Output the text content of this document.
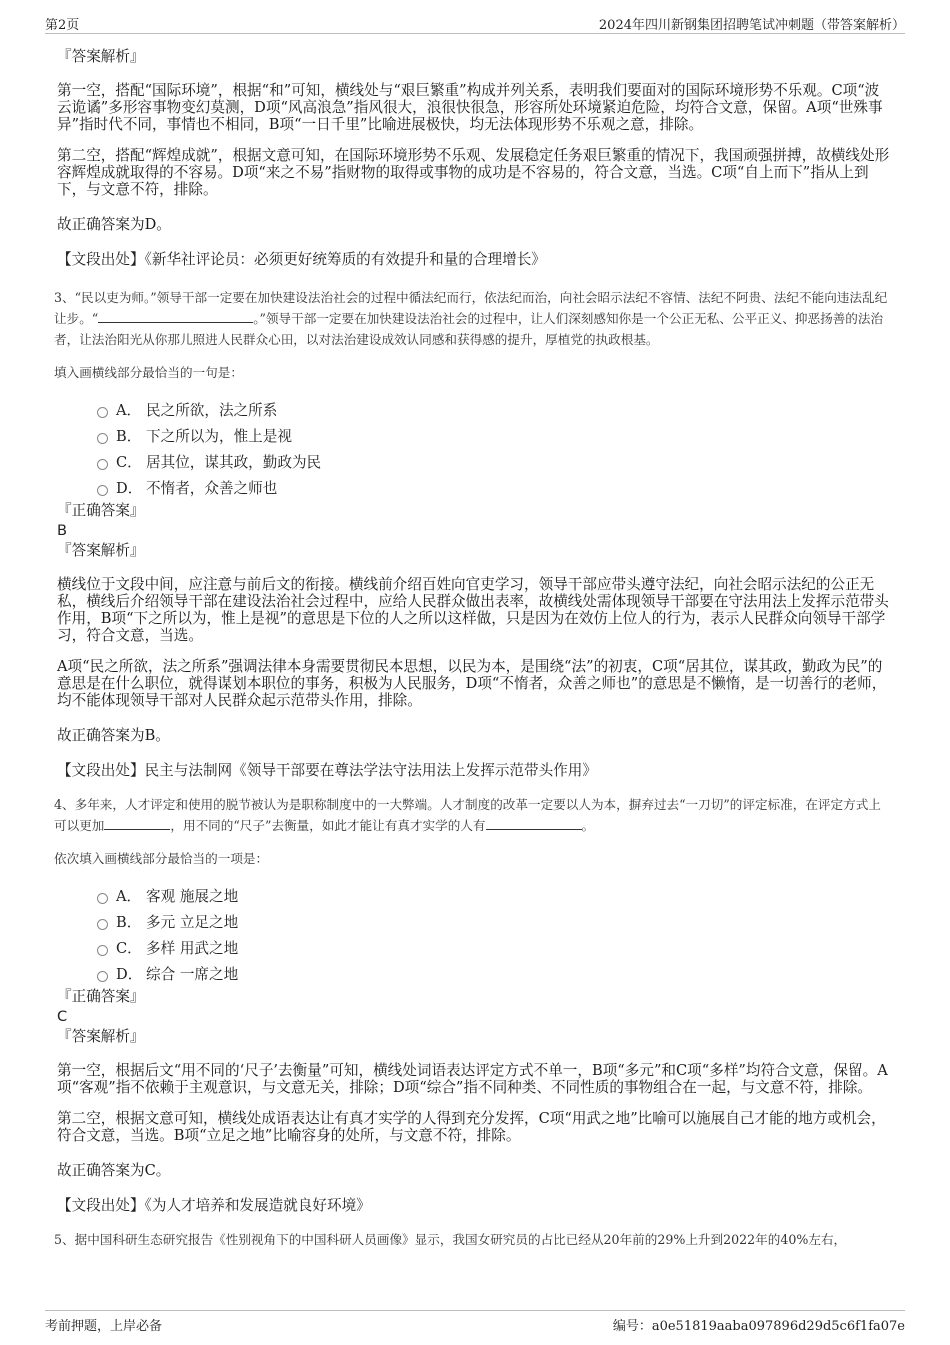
第2页	2024年四川新钢集团招聘笔试冲刺题（带答案解析）
『答案解析』

第一空，搭配“国际环境”，根据“和”可知，横线处与“艰巨繁重”构成并列关系，表明我们要面对的国际环境形势不乐观。C项“波云诡谲”多形容事物变幻莫测，D项“风高浪急”指风很大，浪很快很急，形容所处环境紧迫危险，均符合文意，保留。A项“世殊事异”指时代不同，事情也不相同，B项“一日千里”比喻进展极快，均无法体现形势不乐观之意，排除。

第二空，搭配“辉煌成就”，根据文意可知，在国际环境形势不乐观、发展稳定任务艰巨繁重的情况下，我国顽强拼搏，故横线处形容辉煌成就取得的不容易。D项“来之不易”指财物的取得或事物的成功是不容易的，符合文意，当选。C项“自上而下”指从上到下，与文意不符，排除。

故正确答案为D。

【文段出处】《新华社评论员：必须更好统筹质的有效提升和量的合理增长》

3、“民以吏为师。”领导干部一定要在加快建设法治社会的过程中循法纪而行，依法纪而治，向社会昭示法纪不容情、法纪不阿贵、法纪不能向违法乱纪让步。“	。”领导干部一定要在加快建设法治社会的过程中，让人们深刻感知你是一个公正无私、公平正义、抑恶扬善的法治者，让法治阳光从你那儿照进人民群众心田，以对法治建设成效认同感和获得感的提升，厚植党的执政根基。

填入画横线部分最恰当的一句是：

A． 民之所欲，法之所系
B． 下之所以为，惟上是视
C． 居其位，谋其政，勤政为民
D． 不惰者，众善之师也
『正确答案』
B
『答案解析』

横线位于文段中间，应注意与前后文的衔接。横线前介绍百姓向官吏学习，领导干部应带头遵守法纪，向社会昭示法纪的公正无私，横线后介绍领导干部在建设法治社会过程中，应给人民群众做出表率，故横线处需体现领导干部要在守法用法上发挥示范带头作用，B项“下之所以为，惟上是视”的意思是下位的人之所以这样做，只是因为在效仿上位人的行为，表示人民群众向领导干部学习，符合文意，当选。

A项“民之所欲，法之所系”强调法律本身需要贯彻民本思想，以民为本，是围绕“法”的初衷，C项“居其位，谋其政，勤政为民”的意思是在什么职位，就得谋划本职位的事务，积极为人民服务，D项“不惰者，众善之师也”的意思是不懒惰，是一切善行的老师，均不能体现领导干部对人民群众起示范带头作用，排除。

故正确答案为B。

【文段出处】民主与法制网《领导干部要在尊法学法守法用法上发挥示范带头作用》

4、多年来，人才评定和使用的脱节被认为是职称制度中的一大弊端。人才制度的改革一定要以人为本，摒弃过去“一刀切”的评定标准，在评定方式上可以更加	，用不同的“尺子”去衡量，如此才能让有真才实学的人有	。

依次填入画横线部分最恰当的一项是：

A． 客观 施展之地
B． 多元 立足之地
C． 多样 用武之地
D． 综合 一席之地
『正确答案』
C
『答案解析』

第一空，根据后文“用不同的‘尺子’去衡量”可知，横线处词语表达评定方式不单一，B项“多元”和C项“多样”均符合文意，保留。A项“客观”指不依赖于主观意识，与文意无关，排除；D项“综合”指不同种类、不同性质的事物组合在一起，与文意不符，排除。

第二空，根据文意可知，横线处成语表达让有真才实学的人得到充分发挥，C项“用武之地”比喻可以施展自己才能的地方或机会，符合文意，当选。B项“立足之地”比喻容身的处所，与文意不符，排除。

故正确答案为C。

【文段出处】《为人才培养和发展造就良好环境》

5、据中国科研生态研究报告《性别视角下的中国科研人员画像》显示，我国女研究员的占比已经从20年前的29%上升到2022年的40%左右，

考前押题，上岸必备	编号：a0e51819aaba097896d29d5c6f1fa07e
